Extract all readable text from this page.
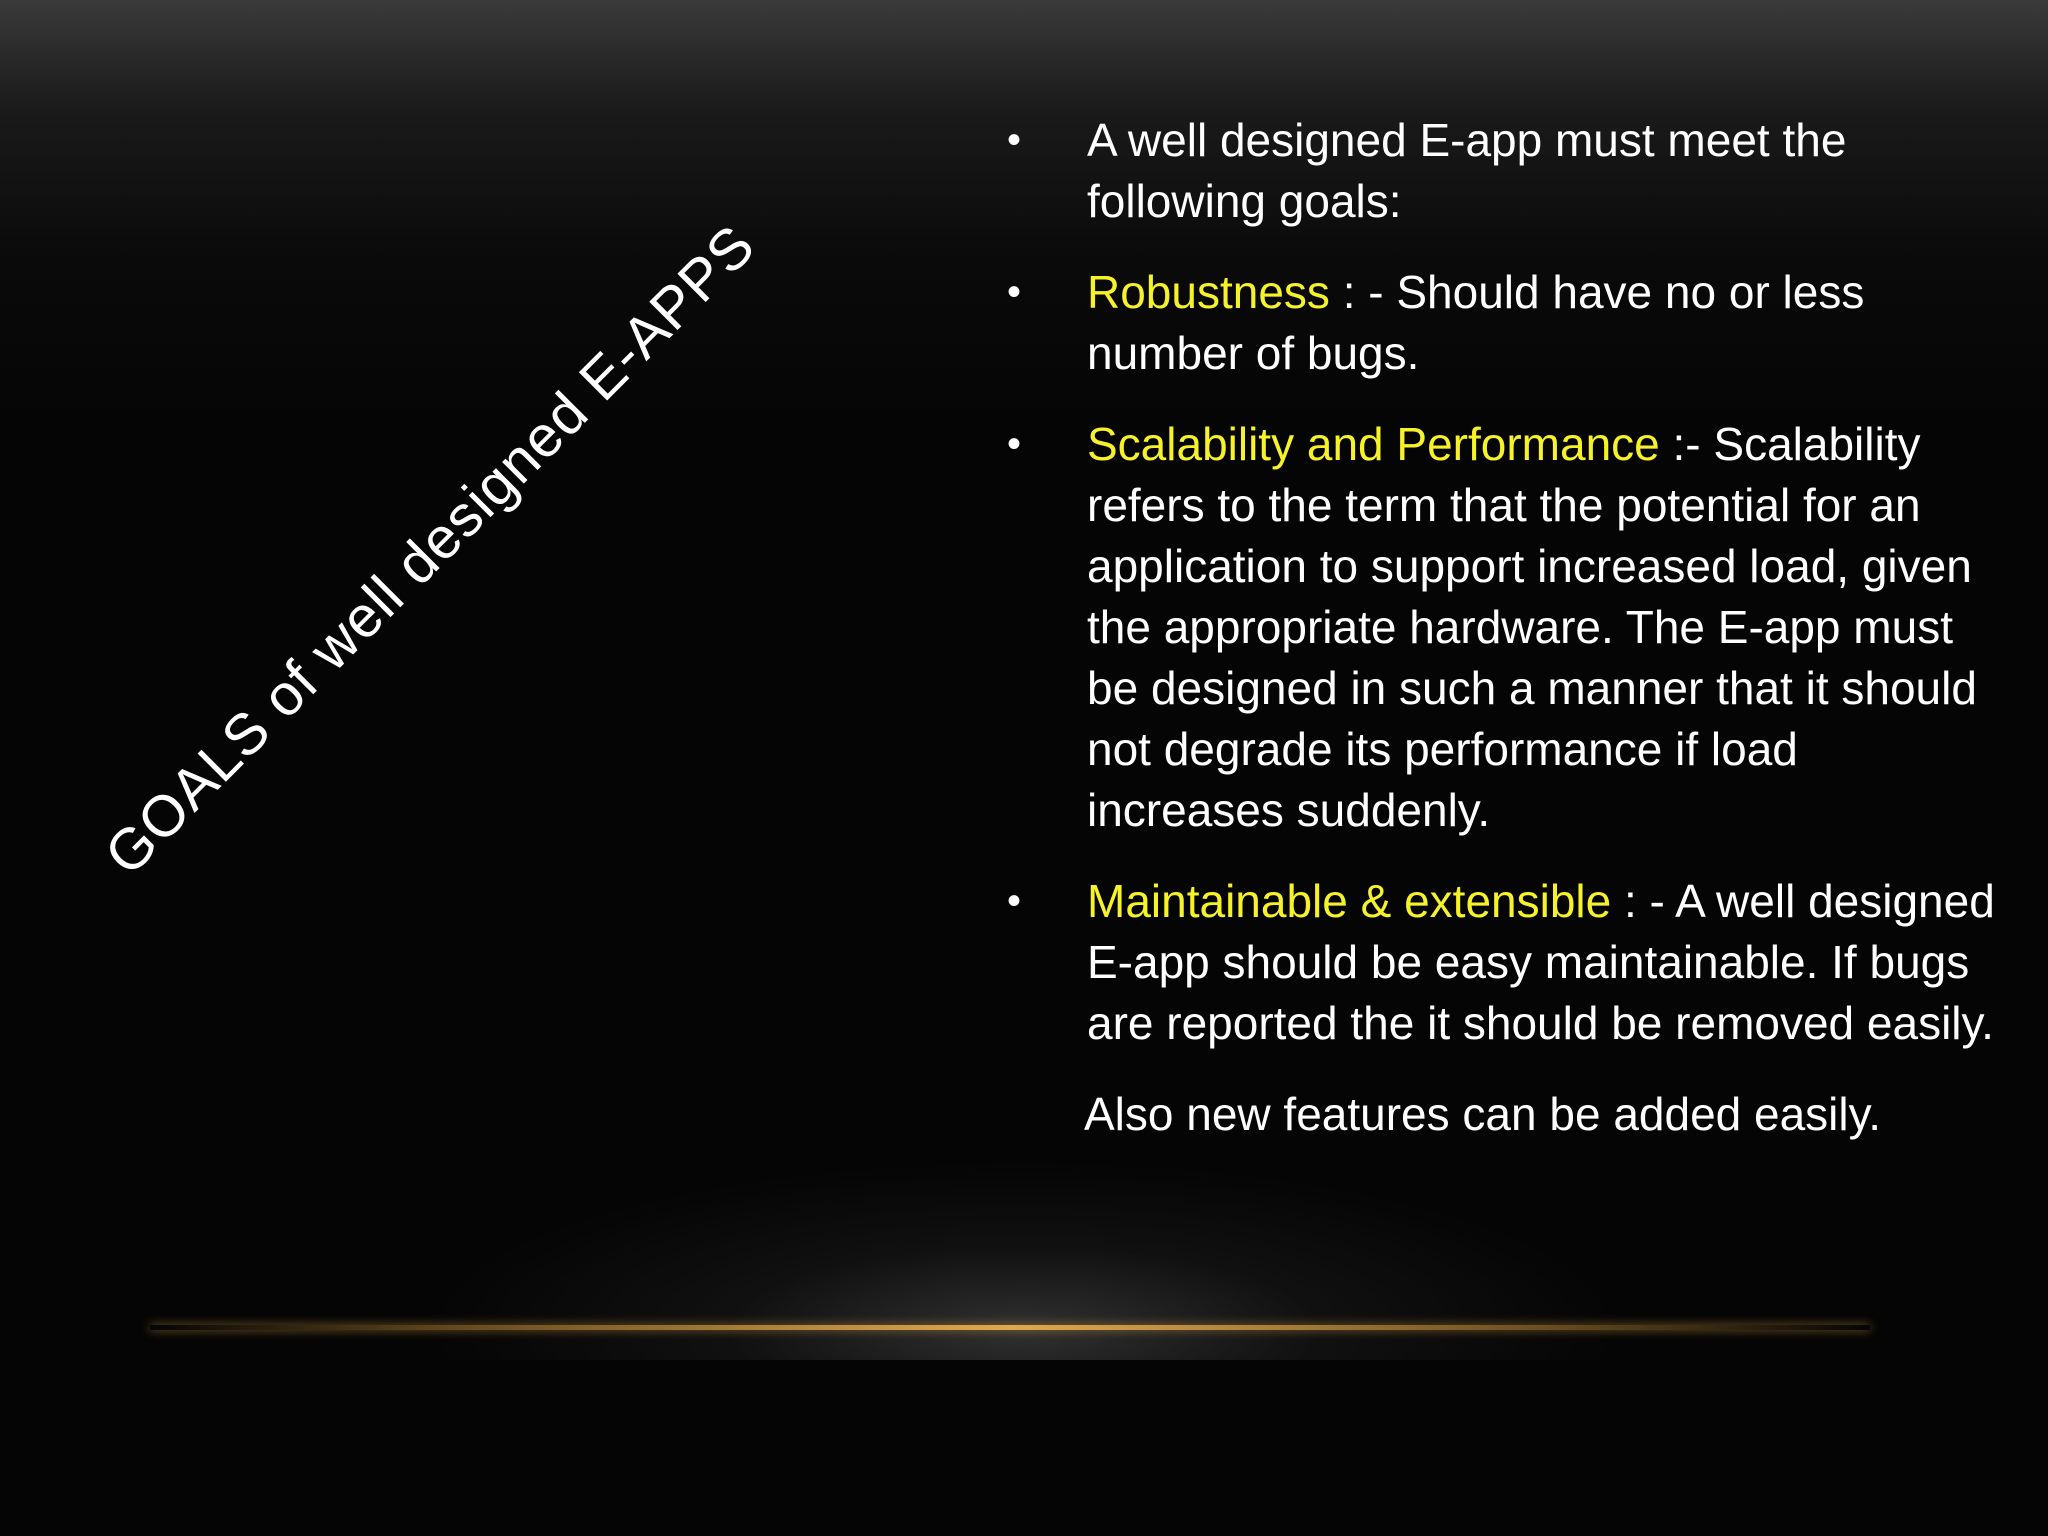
GOALS of well designed E-APPS
• A well designed E-app must meet the following goals:
• Robustness : - Should have no or less number of bugs.
• Scalability and Performance :- Scalability refers to the term that the potential for an application to support increased load, given the appropriate hardware. The E-app must be designed in such a manner that it should not degrade its performance if load increases suddenly.
• Maintainable & extensible : - A well designed E-app should be easy maintainable. If bugs are reported the it should be removed easily.
Also new features can be added easily.
